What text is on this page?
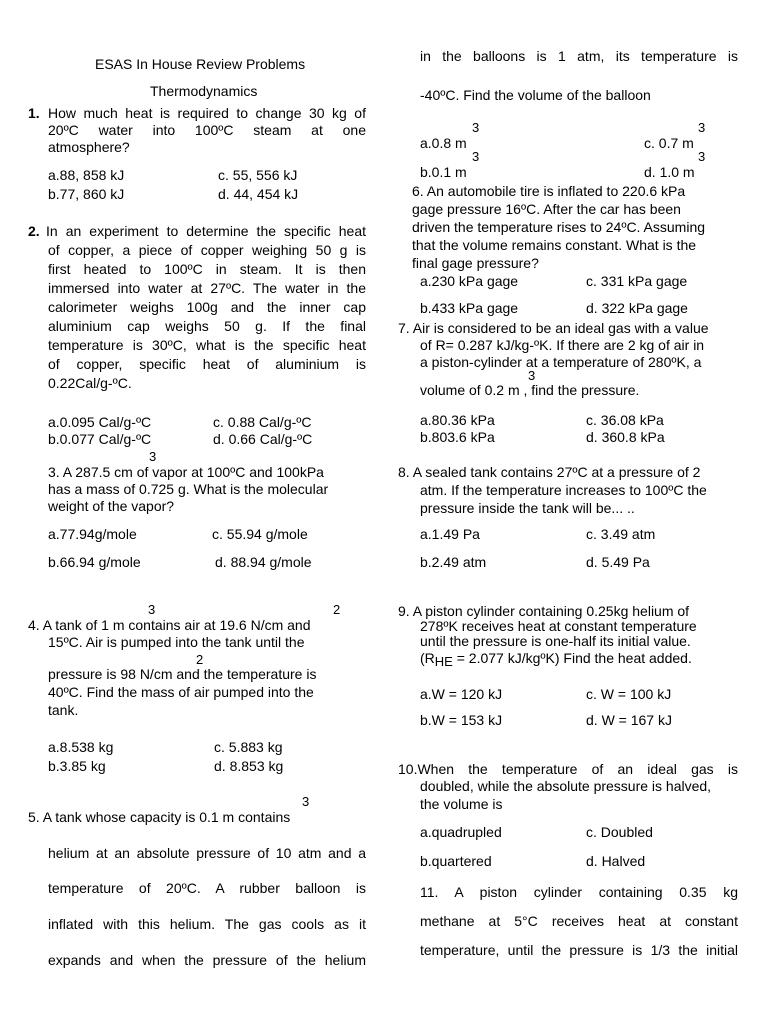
ESAS In House Review Problems
Thermodynamics
1. How much heat is required to change 30 kg of
20ºC water into 100ºC steam at one
atmosphere?
a.88, 858 kJ	c. 55, 556 kJ
b.77, 860 kJ	d. 44, 454 kJ
2. In an experiment to determine the specific heat
of copper, a piece of copper weighing 50 g is
first heated to 100ºC in steam. It is then
immersed into water at 27ºC. The water in the
calorimeter weighs 100g and the inner cap
aluminium cap weighs 50 g. If the final
temperature is 30ºC, what is the specific heat
of copper, specific heat of aluminium is
0.22Cal/g-ºC.
a.0.095 Cal/g-ºC	c. 0.88 Cal/g-ºC
b.0.077 Cal/g-ºC	d. 0.66 Cal/g-ºC
3
3. A 287.5 cm of vapor at 100ºC and 100kPa
has a mass of 0.725 g. What is the molecular
weight of the vapor?
a.77.94g/mole	c. 55.94 g/mole
b.66.94 g/mole	d. 88.94 g/mole
3	2
4. A tank of 1 m contains air at 19.6 N/cm and
15ºC. Air is pumped into the tank until the
2
pressure is 98 N/cm and the temperature is
40ºC. Find the mass of air pumped into the
tank.
a.8.538 kg	c. 5.883 kg
b.3.85 kg	d. 8.853 kg
3
5. A tank whose capacity is 0.1 m contains
helium at an absolute pressure of 10 atm and a
temperature of 20ºC. A rubber balloon is
inflated with this helium. The gas cools as it
expands and when the pressure of the helium
in the balloons is 1 atm, its temperature is
-40ºC. Find the volume of the balloon
3	3
a.0.8 m	c. 0.7 m
3	3
b.0.1 m	d. 1.0 m
6. An automobile tire is inflated to 220.6 kPa
gage pressure 16ºC. After the car has been
driven the temperature rises to 24ºC. Assuming
that the volume remains constant. What is the
final gage pressure?
a.230 kPa gage	c. 331 kPa gage
b.433 kPa gage	d. 322 kPa gage
7. Air is considered to be an ideal gas with a value
of R= 0.287 kJ/kg-ºK. If there are 2 kg of air in
a piston-cylinder at a temperature of 280ºK, a
3
volume of 0.2 m , find the pressure.
a.80.36 kPa	c. 36.08 kPa
b.803.6 kPa	d. 360.8 kPa
8. A sealed tank contains 27ºC at a pressure of 2
atm. If the temperature increases to 100ºC the
pressure inside the tank will be... ..
a.1.49 Pa	c. 3.49 atm
b.2.49 atm	d. 5.49 Pa
9. A piston cylinder containing 0.25kg helium of
278ºK receives heat at constant temperature
until the pressure is one-half its initial value.
(RHE = 2.077 kJ/kgºK) Find the heat added.
a.W = 120 kJ	c. W = 100 kJ
b.W = 153 kJ	d. W = 167 kJ
10.When the temperature of an ideal gas is
doubled, while the absolute pressure is halved,
the volume is
a.quadrupled	c. Doubled
b.quartered	d. Halved
11. A piston cylinder containing 0.35 kg
methane at 5°C receives heat at constant
temperature, until the pressure is 1/3 the initial
